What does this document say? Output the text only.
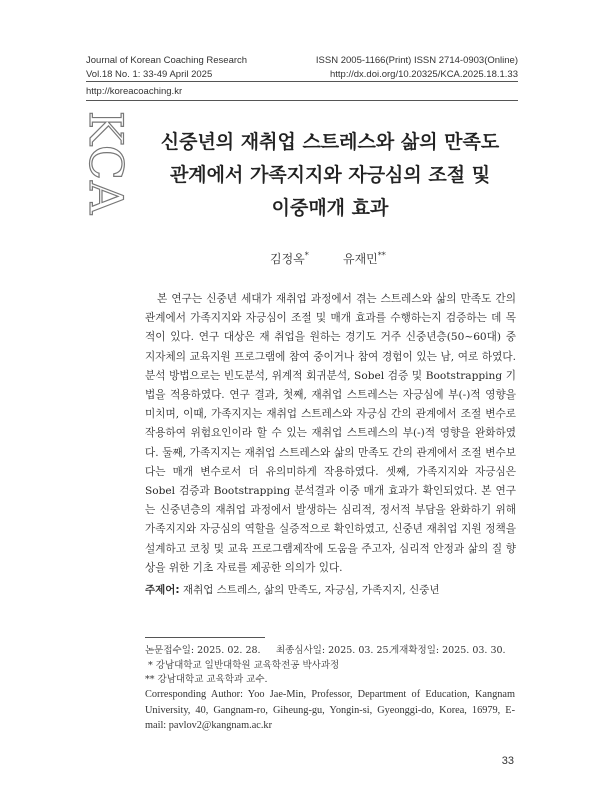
Journal of Korean Coaching Research
Vol.18 No. 1: 33-49 April 2025
ISSN 2005-1166(Print) ISSN 2714-0903(Online)
http://dx.doi.org/10.20325/KCA.2025.18.1.33
http://koreacoaching.kr
KCA	신중년의 재취업 스트레스와 삶의 만족도
관계에서 가족지지와 자긍심의 조절 및
이중매개 효과
김정옥*	유재민**
본 연구는 신중년 세대가 재취업 과정에서 겪는 스트레스와 삶의 만족도 간의 관계에서 가족지지와 자긍심이 조절 및 매개 효과를 수행하는지 검증하는 데 목적이 있다. 연구 대상은 재 취업을 원하는 경기도 거주 신중년층(50~60대) 중 지자체의 교육지원 프로그램에 참여 중이거나 참여 경험이 있는 남, 여로 하였다. 분석 방법으로는 빈도분석, 위계적 회귀분석, Sobel 검증 및 Bootstrapping 기법을 적용하였다. 연구 결과, 첫째, 재취업 스트레스는 자긍심에 부(-)적 영향을 미치며, 이때, 가족지지는 재취업 스트레스와 자긍심 간의 관계에서 조절 변수로 작용하여 위험요인이라 할 수 있는 재취업 스트레스의 부(-)적 영향을 완화하였다. 둘째, 가족지지는 재취업 스트레스와 삶의 만족도 간의 관계에서 조절 변수보다는 매개 변수로서 더 유의미하게 작용하였다. 셋째, 가족지지와 자긍심은 Sobel 검증과 Bootstrapping 분석결과 이중 매개 효과가 확인되었다. 본 연구는 신중년층의 재취업 과정에서 발생하는 심리적, 정서적 부담을 완화하기 위해 가족지지와 자긍심의 역할을 실증적으로 확인하였고, 신중년 재취업 지원 정책을 설계하고 코칭 및 교육 프로그램제작에 도움을 주고자, 심리적 안정과 삶의 질 향상을 위한 기초 자료를 제공한 의의가 있다.
주제어: 재취업 스트레스, 삶의 만족도, 자긍심, 가족지지, 신중년
논문접수일: 2025. 02. 28. 최종심사일: 2025. 03. 25.
게재확정일: 2025. 03. 30.
* 강남대학교 일반대학원 교육학전공 박사과정
** 강남대학교 교육학과 교수.
Corresponding Author: Yoo Jae-Min, Professor, Department of Education, Kangnam University, 40, Gangnam-ro, Giheung-gu, Yongin-si, Gyeonggi-do, Korea, 16979, E-mail: pavlov2@kangnam.ac.kr
33
